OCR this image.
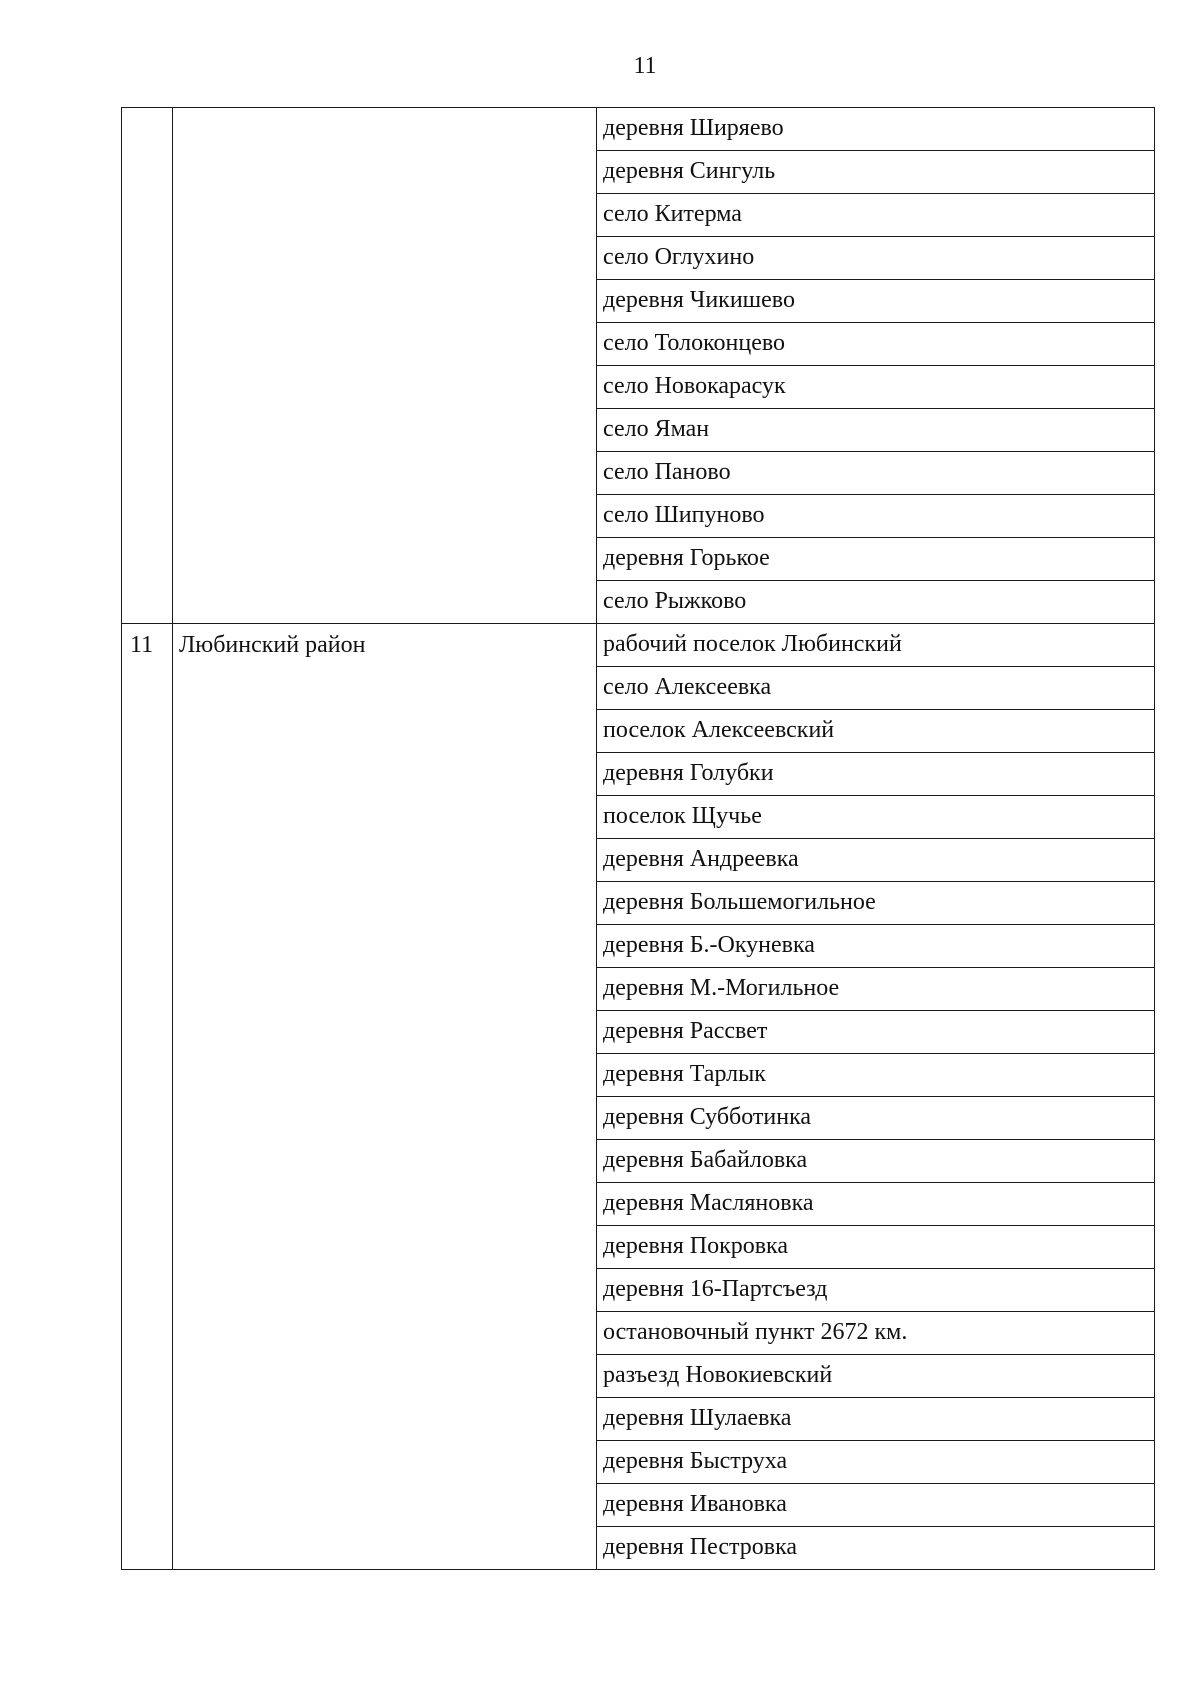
11
		деревня Ширяево
		деревня Сингуль
		село Китерма
		село Оглухино
		деревня Чикишево
		село Толоконцево
		село Новокарасук
		село Яман
		село Паново
		село Шипуново
		деревня Горькое
		село Рыжково
11	Любинский район	рабочий поселок Любинский
		село Алексеевка
		поселок Алексеевский
		деревня Голубки
		поселок Щучье
		деревня Андреевка
		деревня Большемогильное
		деревня Б.-Окуневка
		деревня М.-Могильное
		деревня Рассвет
		деревня Тарлык
		деревня Субботинка
		деревня Бабайловка
		деревня Масляновка
		деревня Покровка
		деревня 16-Партсъезд
		остановочный пункт 2672 км.
		разъезд Новокиевский
		деревня Шулаевка
		деревня Быструха
		деревня Ивановка
		деревня Пестровка
